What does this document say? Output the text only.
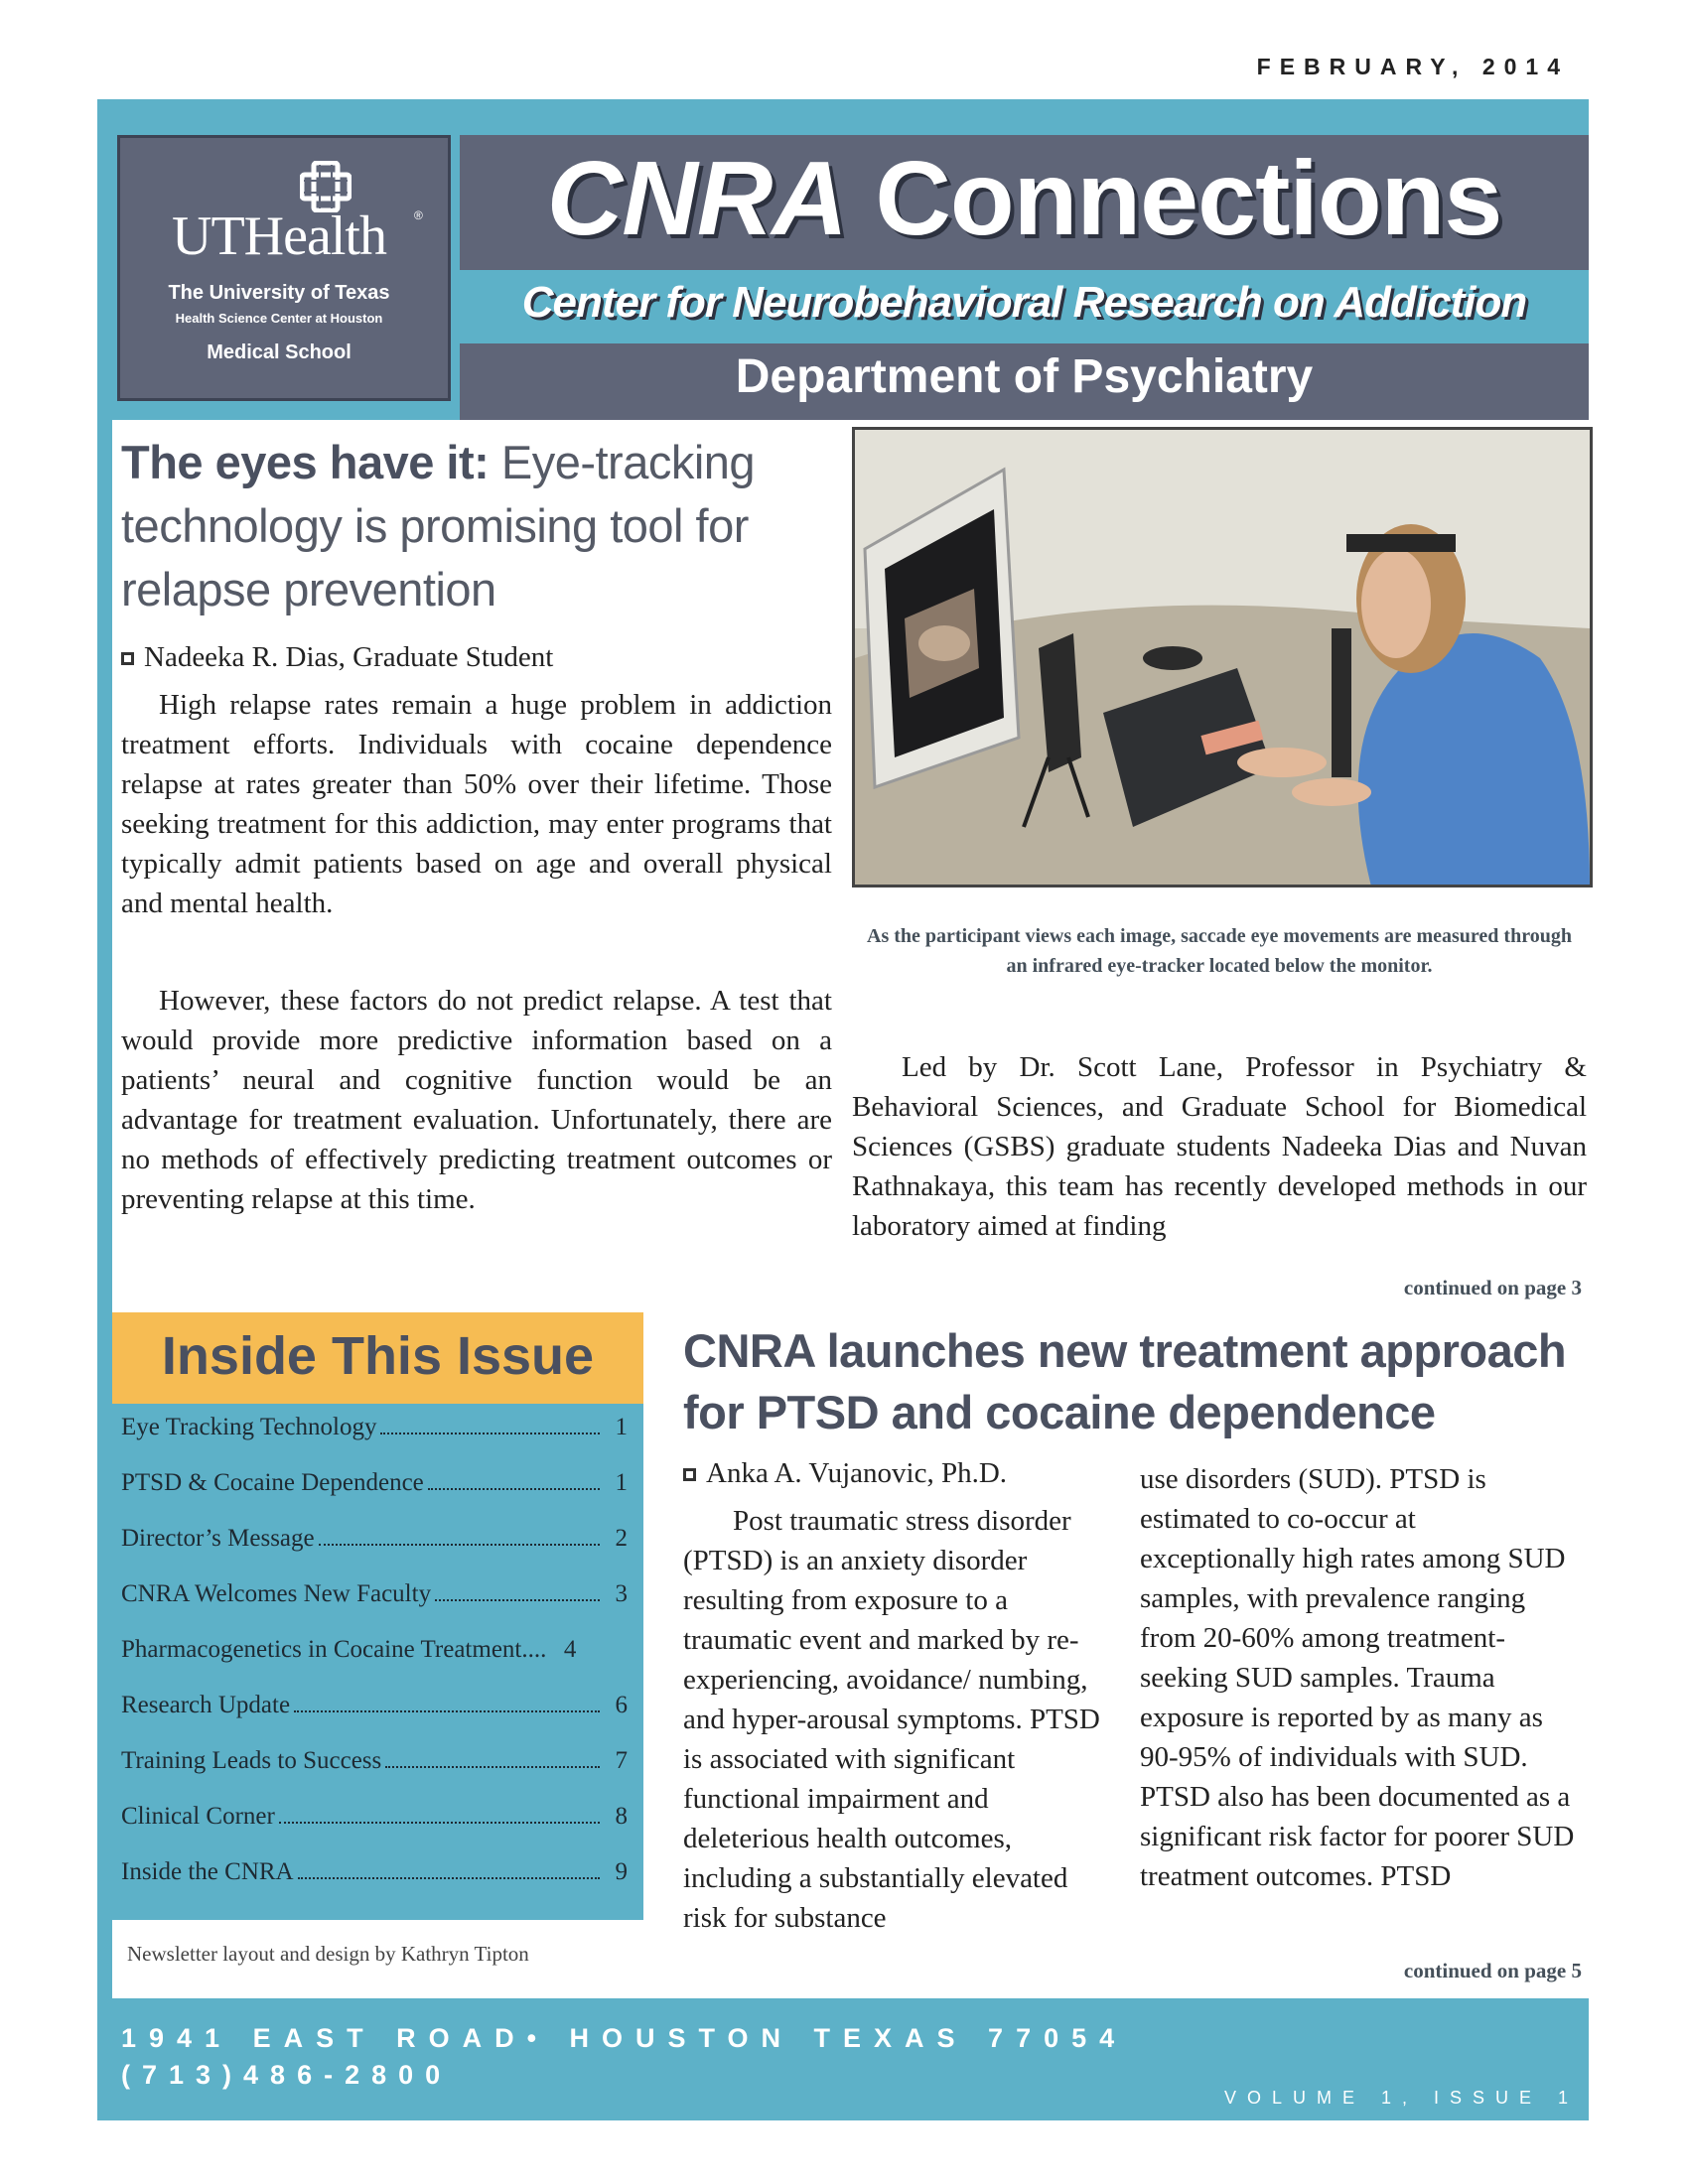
FEBRUARY, 2014
UTHealth	®
The University of Texas
Health Science Center at Houston
Medical School
CNRA Connections
Center for Neurobehavioral Research on Addiction
Department of Psychiatry
The eyes have it: Eye-tracking technology is promising tool for relapse prevention
Nadeeka R. Dias, Graduate Student
High relapse rates remain a huge problem in addiction treatment efforts. Individuals with cocaine dependence relapse at rates greater than 50% over their lifetime. Those seeking treatment for this addiction, may enter programs that typically admit patients based on age and overall physical and mental health.
However, these factors do not predict relapse. A test that would provide more predictive information based on a patients’ neural and cognitive function would be an advantage for treatment evaluation. Unfortunately, there are no methods of effectively predicting treatment outcomes or preventing relapse at this time.
As the participant views each image, saccade eye movements are measured through an infrared eye-tracker located below the monitor.
Led by Dr. Scott Lane, Professor in Psychiatry & Behavioral Sciences, and Graduate School for Biomedical Sciences (GSBS) graduate students Nadeeka Dias and Nuvan Rathnakaya, this team has recently developed methods in our laboratory aimed at finding
continued on page 3
Inside This Issue
Eye Tracking Technology	1
PTSD & Cocaine Dependence	1
Director’s Message	2
CNRA Welcomes New Faculty	3
Pharmacogenetics in Cocaine Treatment.... 4
Research Update	6
Training Leads to Success	7
Clinical Corner	8
Inside the CNRA	9
Newsletter layout and design by Kathryn Tipton
CNRA launches new treatment approach for PTSD and cocaine dependence
Anka A. Vujanovic, Ph.D.
Post traumatic stress disorder (PTSD) is an anxiety disorder resulting from exposure to a traumatic event and marked by re-experiencing, avoidance/ numbing, and hyper-arousal symptoms. PTSD is associated with significant functional impairment and deleterious health outcomes, including a substantially elevated risk for substance
use disorders (SUD). PTSD is estimated to co-occur at exceptionally high rates among SUD samples, with prevalence ranging from 20-60% among treatment-seeking SUD samples. Trauma exposure is reported by as many as 90-95% of individuals with SUD. PTSD also has been documented as a significant risk factor for poorer SUD treatment outcomes. PTSD
continued on page 5
1941 EAST ROAD• HOUSTON TEXAS 77054
(713)486-2800
VOLUME 1, ISSUE 1
